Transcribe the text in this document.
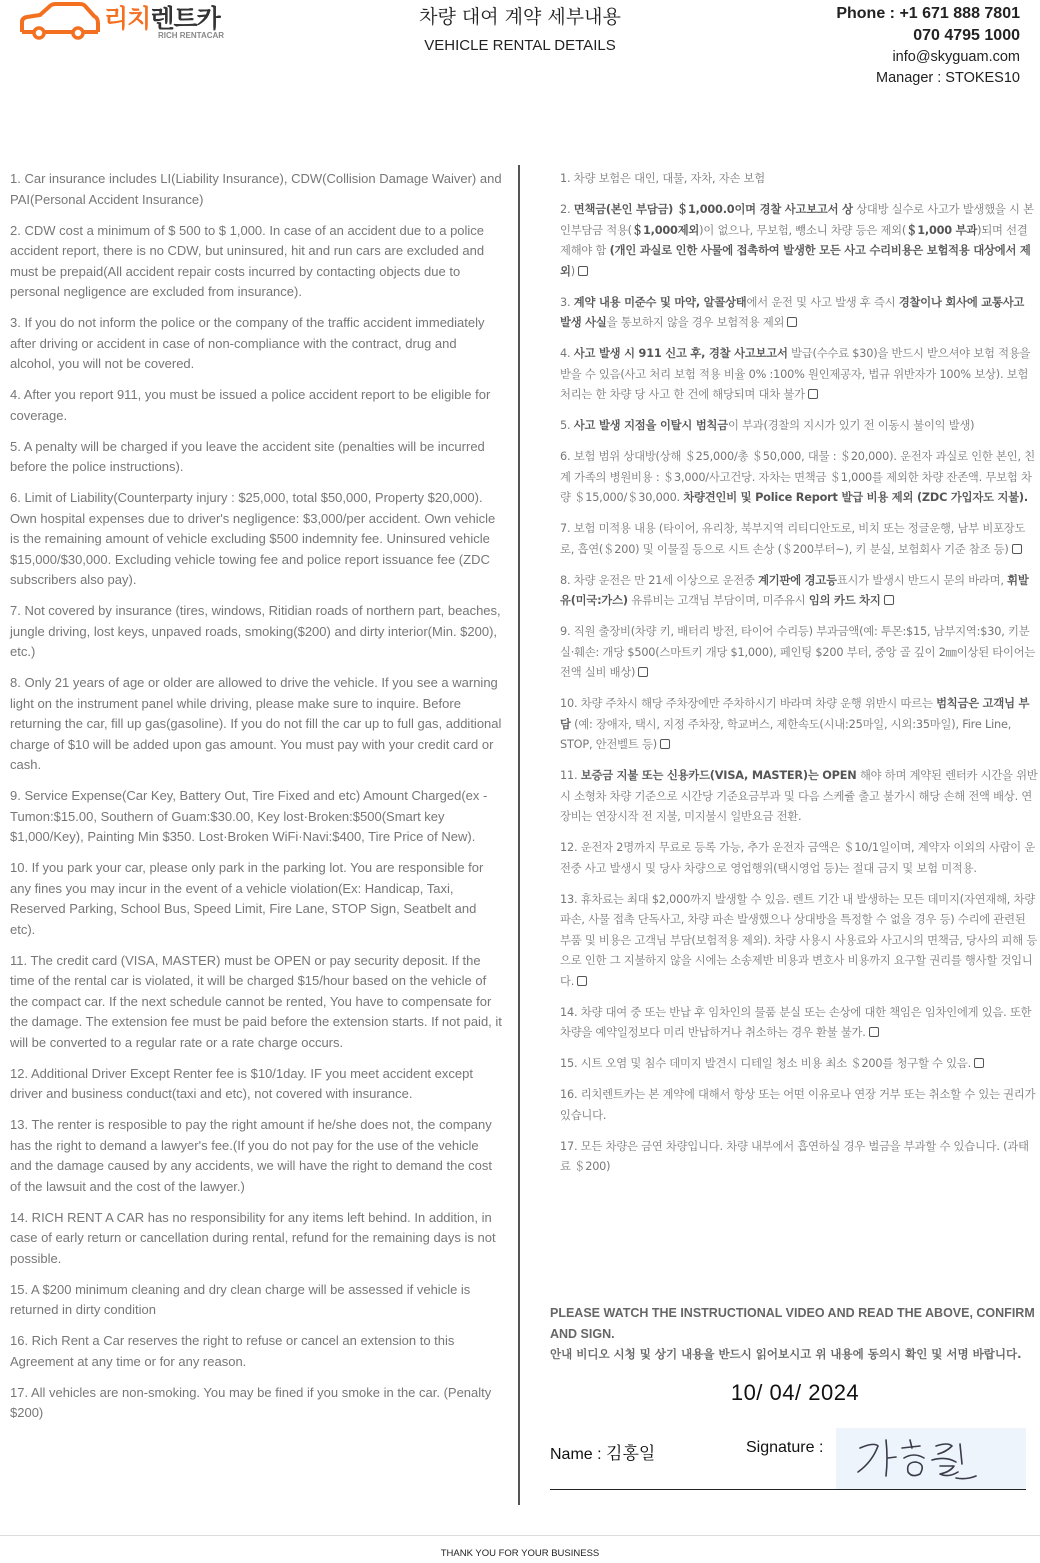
리치렌트카
RICH RENTACAR
차량 대여 계약 세부내용
VEHICLE RENTAL DETAILS
Phone : +1 671 888 7801
070 4795 1000
info@skyguam.com
Manager : STOKES10

1. Car insurance includes LI(Liability Insurance), CDW(Collision Damage Waiver) and PAI(Personal Accident Insurance)

2. CDW cost a minimum of $ 500 to $ 1,000. In case of an accident due to a police accident report, there is no CDW, but uninsured, hit and run cars are excluded and must be prepaid(All accident repair costs incurred by contacting objects due to personal negligence are excluded from insurance).

3. If you do not inform the police or the company of the traffic accident immediately after driving or accident in case of non-compliance with the contract, drug and alcohol, you will not be covered.

4. After you report 911, you must be issued a police accident report to be eligible for coverage.

5. A penalty will be charged if you leave the accident site (penalties will be incurred before the police instructions).

6. Limit of Liability(Counterparty injury : $25,000, total $50,000, Property $20,000). Own hospital expenses due to driver's negligence: $3,000/per accident. Own vehicle is the remaining amount of vehicle excluding $500 indemnity fee. Uninsured vehicle $15,000/$30,000. Excluding vehicle towing fee and police report issuance fee (ZDC subscribers also pay).

7. Not covered by insurance (tires, windows, Ritidian roads of northern part, beaches, jungle driving, lost keys, unpaved roads, smoking($200) and dirty interior(Min. $200), etc.)

8. Only 21 years of age or older are allowed to drive the vehicle. If you see a warning light on the instrument panel while driving, please make sure to inquire. Before returning the car, fill up gas(gasoline). If you do not fill the car up to full gas, additional charge of $10 will be added upon gas amount. You must pay with your credit card or cash.

9. Service Expense(Car Key, Battery Out, Tire Fixed and etc) Amount Charged(ex - Tumon:$15.00, Southern of Guam:$30.00, Key lost·Broken:$500(Smart key $1,000/Key), Painting Min $350. Lost·Broken WiFi·Navi:$400, Tire Price of New).

10. If you park your car, please only park in the parking lot. You are responsible for any fines you may incur in the event of a vehicle violation(Ex: Handicap, Taxi, Reserved Parking, School Bus, Speed Limit, Fire Lane, STOP Sign, Seatbelt and etc).

11. The credit card (VISA, MASTER) must be OPEN or pay security deposit. If the time of the rental car is violated, it will be charged $15/hour based on the vehicle of the compact car. If the next schedule cannot be rented, You have to compensate for the damage. The extension fee must be paid before the extension starts. If not paid, it will be converted to a regular rate or a rate charge occurs.

12. Additional Driver Except Renter fee is $10/1day. IF you meet accident except driver and business conduct(taxi and etc), not covered with insurance.

13. The renter is resposible to pay the right amount if he/she does not, the company has the right to demand a lawyer's fee.(If you do not pay for the use of the vehicle and the damage caused by any accidents, we will have the right to demand the cost of the lawsuit and the cost of the lawyer.)

14. RICH RENT A CAR has no responsibility for any items left behind. In addition, in case of early return or cancellation during rental, refund for the remaining days is not possible.

15. A $200 minimum cleaning and dry clean charge will be assessed if vehicle is returned in dirty condition

16. Rich Rent a Car reserves the right to refuse or cancel an extension to this Agreement at any time or for any reason.

17. All vehicles are non-smoking. You may be fined if you smoke in the car. (Penalty $200)

1. 차량 보험은 대인, 대물, 자차, 자손 보험

2. 면책금(본인 부담금) ＄1,000.0이며 경찰 사고보고서 상 상대방 실수로 사고가 발생했을 시 본인부담금 적용(＄1,000제외)이 없으나, 무보험, 뺑소니 차량 등은 제외(＄1,000 부과)되며 선결제해야 함 (개인 과실로 인한 사물에 접촉하여 발생한 모든 사고 수리비용은 보험적용 대상에서 제외)

3. 계약 내용 미준수 및 마약, 알콜상태에서 운전 및 사고 발생 후 즉시 경찰이나 회사에 교통사고 발생 사실을 통보하지 않을 경우 보험적용 제외

4. 사고 발생 시 911 신고 후, 경찰 사고보고서 발급(수수료 $30)을 반드시 받으셔야 보험 적용을 받을 수 있음(사고 처리 보험 적용 비율 0% :100% 원인제공자, 법규 위반자가 100% 보상). 보험처리는 한 차량 당 사고 한 건에 해당되며 대차 불가

5. 사고 발생 지점을 이탈시 범칙금이 부과(경찰의 지시가 있기 전 이동시 불이익 발생)

6. 보험 범위 상대방(상해 ＄25,000/총 ＄50,000, 대물 : ＄20,000). 운전자 과실로 인한 본인, 친계 가족의 병원비용 : ＄3,000/사고건당. 자차는 면책금 ＄1,000를 제외한 차량 잔존액. 무보험 차량 ＄15,000/＄30,000. 차량견인비 및 Police Report 발급 비용 제외 (ZDC 가입자도 지불).

7. 보험 미적용 내용 (타이어, 유리창, 북부지역 리티디안도로, 비치 또는 정글운행, 남부 비포장도로, 흡연(＄200) 및 이물질 등으로 시트 손상 (＄200부터~), 키 분실, 보험회사 기준 참조 등)

8. 차량 운전은 만 21세 이상으로 운전중 계기판에 경고등표시가 발생시 반드시 문의 바라며, 휘발유(미국:가스) 유류비는 고객님 부담이며, 미주유시 임의 카드 차지

9. 직원 출장비(차량 키, 배터리 방전, 타이어 수리등) 부과금액(예: 투몬:$15, 남부지역:$30, 키분실·훼손: 개당 $500(스마트키 개당 $1,000), 페인팅 $200 부터, 중앙 골 깊이 2㎜이상된 타이어는 전액 실비 배상)

10. 차량 주차시 해당 주차장에만 주차하시기 바라며 차량 운행 위반시 따르는 범칙금은 고객님 부담 (예: 장애자, 택시, 지정 주차장, 학교버스, 제한속도(시내:25마일, 시외:35마일), Fire Line, STOP, 안전벨트 등)

11. 보증금 지불 또는 신용카드(VISA, MASTER)는 OPEN 해야 하며 계약된 렌터카 시간을 위반시 소형차 차량 기준으로 시간당 기준요금부과 및 다음 스케쥴 출고 불가시 해당 손해 전액 배상. 연장비는 연장시작 전 지불, 미지불시 일반요금 전환.

12. 운전자 2명까지 무료로 등록 가능, 추가 운전자 금액은 ＄10/1일이며, 계약자 이외의 사람이 운전중 사고 발생시 및 당사 차량으로 영업행위(택시영업 등)는 절대 금지 및 보험 미적용.

13. 휴차료는 최대 $2,000까지 발생할 수 있음. 렌트 기간 내 발생하는 모든 데미지(자연재해, 차량 파손, 사물 접촉 단독사고, 차량 파손 발생했으나 상대방을 특정할 수 없을 경우 등) 수리에 관련된 부품 및 비용은 고객님 부담(보험적용 제외). 차량 사용시 사용료와 사고시의 면책금, 당사의 피해 등으로 인한 그 지불하지 않을 시에는 소송제반 비용과 변호사 비용까지 요구할 권리를 행사할 것입니다.

14. 차량 대여 중 또는 반납 후 임차인의 물품 분실 또는 손상에 대한 책임은 임차인에게 있음. 또한 차량을 예약일정보다 미리 반납하거나 취소하는 경우 환불 불가.

15. 시트 오염 및 침수 데미지 발견시 디테일 청소 비용 최소 ＄200를 청구할 수 있음.

16. 리치렌트카는 본 계약에 대해서 항상 또는 어떤 이유로나 연장 거부 또는 취소할 수 있는 권리가 있습니다.

17. 모든 차량은 금연 차량입니다. 차량 내부에서 흡연하실 경우 벌금을 부과할 수 있습니다. (과태료 ＄200)

PLEASE WATCH THE INSTRUCTIONAL VIDEO AND READ THE ABOVE, CONFIRM AND SIGN.
안내 비디오 시청 및 상기 내용을 반드시 읽어보시고 위 내용에 동의시 확인 및 서명 바랍니다.
10/ 04/ 2024
Name : 김홍일	Signature :
THANK YOU FOR YOUR BUSINESS
